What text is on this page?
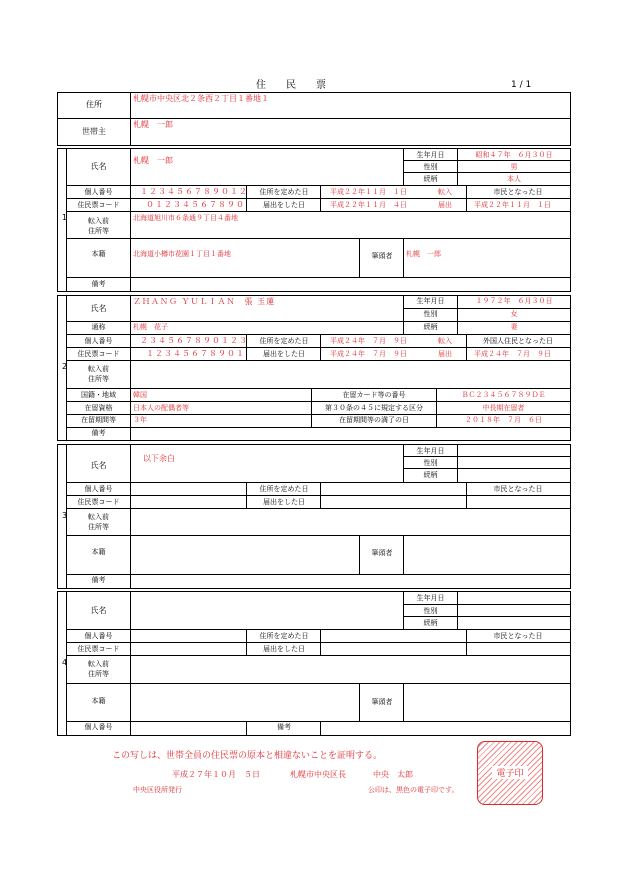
住　　民　　票	1 / 1
住所
札幌市中央区北２条西２丁目１番地１
世帯主
札幌　一郎
1
氏名
札幌　一郎
生年月日	昭和４７年　６月３０日
性別	男
続柄	本人
個人番号	１２３４５６７８９０１２	住所を定めた日	平成２２年１１月　１日	転入	市民となった日
住民票コード	０１２３４５６７８９０	届出をした日	平成２２年１１月　４日	届出	平成２２年１１月　１日
転入前
住所等
北海道旭川市６条通９丁目４番地
本籍	北海道小樽市花園１丁目１番地	筆頭者	札幌　一郎
備考
2
氏名
ＺＨＡＮＧ ＹＵＬＩＡＮ　張 玉蓮	生年月日	１９７２年　６月３０日
性別	女
通称	札幌　花子	続柄	妻
個人番号	２３４５６７８９０１２３	住所を定めた日	平成２４年　７月　９日	転入	外国人住民となった日
住民票コード	１２３４５６７８９０１	届出をした日	平成２４年　７月　９日	届出	平成２４年　７月　９日
転入前
住所等
国籍・地域	韓国	在留カード等の番号	ＢＣ２３４５６７８９ＤＥ
在留資格	日本人の配偶者等	第３０条の４５に規定する区分	中長期在留者
在留期間等	３年	在留期間等の満了の日	２０１８年　７月　６日
備考
3
氏名
以下余白
生年月日
性別
続柄
個人番号	住所を定めた日	市民となった日
住民票コード	届出をした日
転入前
住所等
本籍	筆頭者
備考
4
氏名
生年月日
性別
続柄
個人番号	住所を定めた日	市民となった日
住民票コード	届出をした日
転入前
住所等
本籍	筆頭者
個人番号	備考
この写しは、世帯全員の住民票の原本と相違ないことを証明する。
平成２７年１０月　５日	札幌市中央区長	中央　太郎
中央区役所発行	公印は、黒色の電子印です。
電子印
